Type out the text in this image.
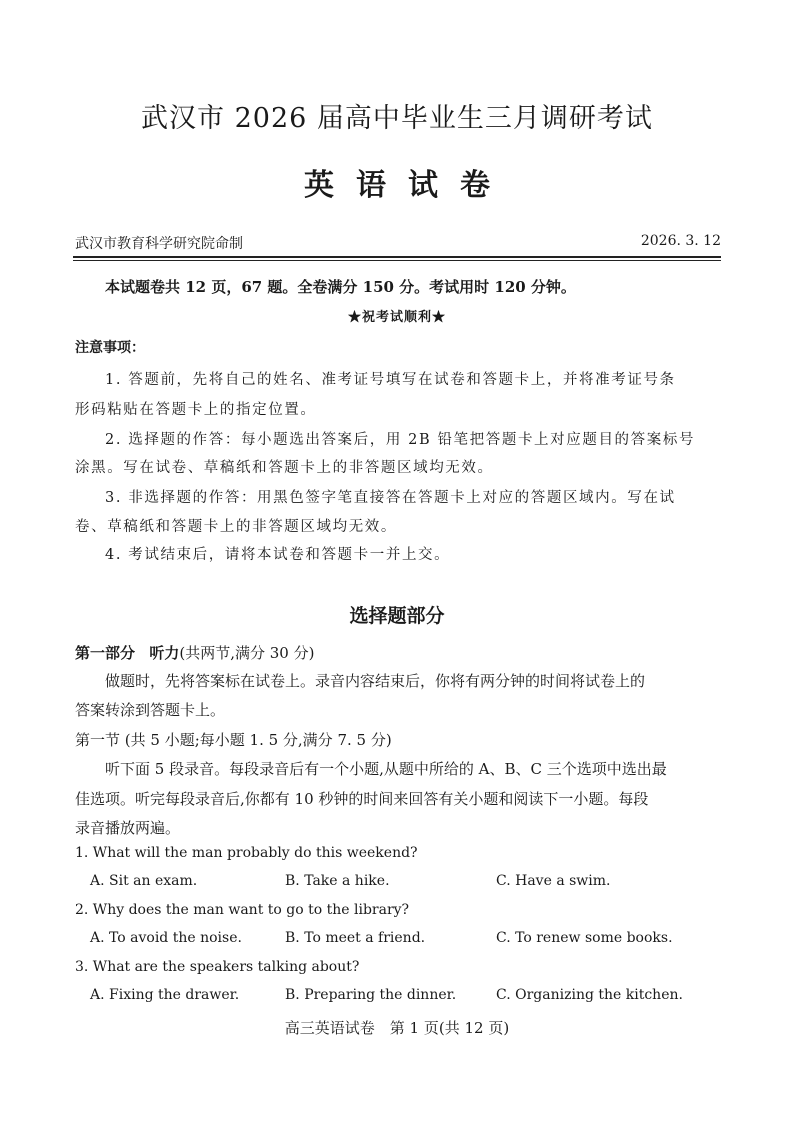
武汉市 2026 届高中毕业生三月调研考试
英语试卷
武汉市教育科学研究院命制	2026. 3. 12
本试题卷共 12 页，67 题。全卷满分 150 分。考试用时 120 分钟。
★祝考试顺利★
注意事项：
1. 答题前，先将自己的姓名、准考证号填写在试卷和答题卡上，并将准考证号条
形码粘贴在答题卡上的指定位置。
2. 选择题的作答：每小题选出答案后，用 2B 铅笔把答题卡上对应题目的答案标号
涂黑。写在试卷、草稿纸和答题卡上的非答题区域均无效。
3. 非选择题的作答：用黑色签字笔直接答在答题卡上对应的答题区域内。写在试
卷、草稿纸和答题卡上的非答题区域均无效。
4. 考试结束后，请将本试卷和答题卡一并上交。
选择题部分
第一部分 听力(共两节,满分 30 分)
做题时，先将答案标在试卷上。录音内容结束后，你将有两分钟的时间将试卷上的
答案转涂到答题卡上。
第一节 (共 5 小题;每小题 1. 5 分,满分 7. 5 分)
听下面 5 段录音。每段录音后有一个小题,从题中所给的 A、B、C 三个选项中选出最
佳选项。听完每段录音后,你都有 10 秒钟的时间来回答有关小题和阅读下一小题。每段
录音播放两遍。
1. What will the man probably do this weekend?
A. Sit an exam.	B. Take a hike.	C. Have a swim.
2. Why does the man want to go to the library?
A. To avoid the noise.	B. To meet a friend.	C. To renew some books.
3. What are the speakers talking about?
A. Fixing the drawer.	B. Preparing the dinner.	C. Organizing the kitchen.
高三英语试卷　第 1 页(共 12 页)
